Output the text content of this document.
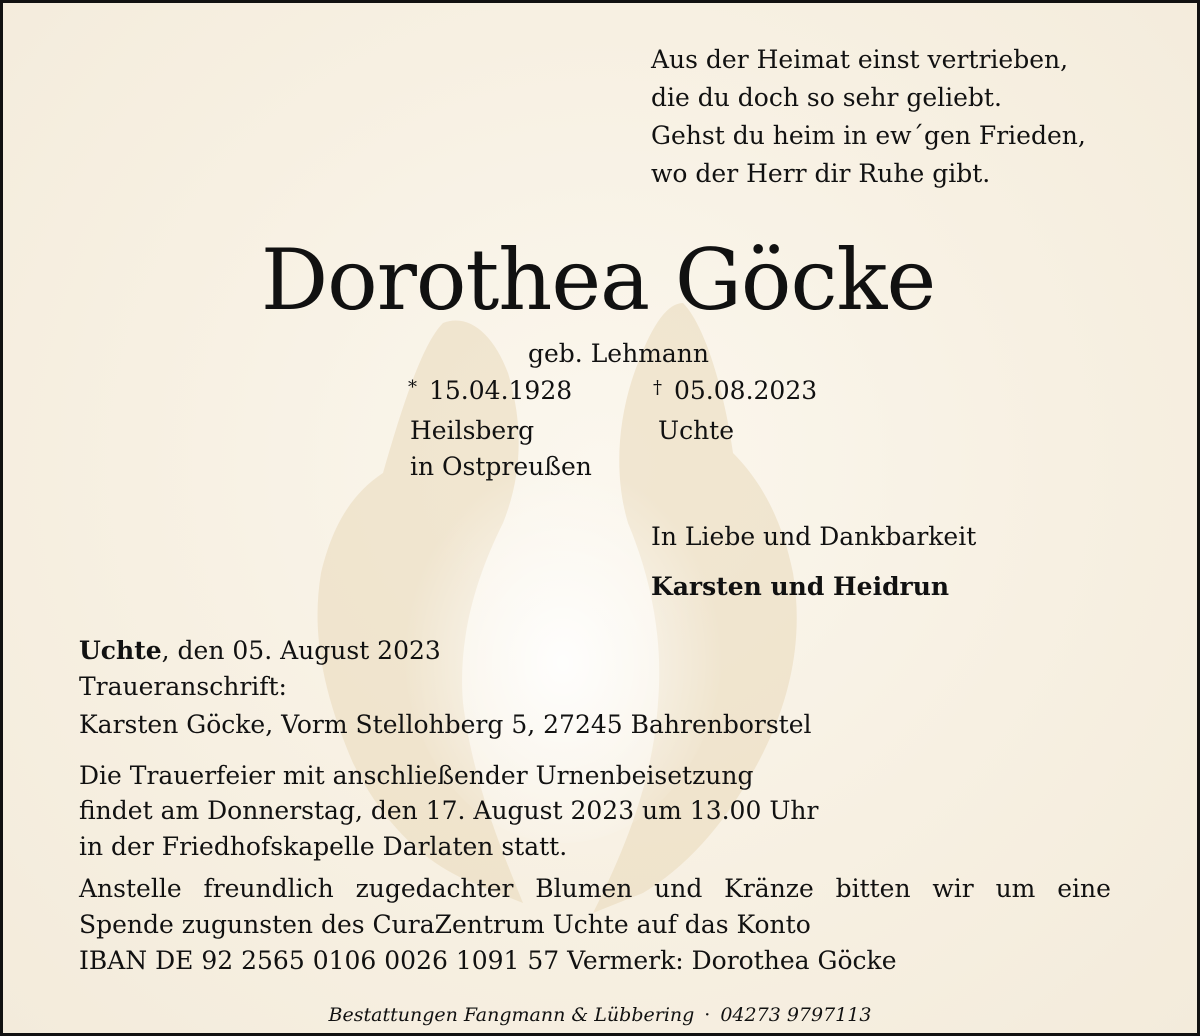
Aus der Heimat einst vertrieben,
die du doch so sehr geliebt.
Gehst du heim in ew´gen Frieden,
wo der Herr dir Ruhe gibt.
Dorothea Göcke
geb. Lehmann
* 15.04.1928	† 05.08.2023
Heilsberg
in Ostpreußen
Uchte
In Liebe und Dankbarkeit
Karsten und Heidrun
Uchte, den 05. August 2023
Traueranschrift:
Karsten Göcke, Vorm Stellohberg 5, 27245 Bahrenborstel
Die Trauerfeier mit anschließender Urnenbeisetzung
findet am Donnerstag, den 17. August 2023 um 13.00 Uhr
in der Friedhofskapelle Darlaten statt.
Anstelle freundlich zugedachter Blumen und Kränze bitten wir um eine
Spende zugunsten des CuraZentrum Uchte auf das Konto
IBAN DE 92 2565 0106 0026 1091 57 Vermerk: Dorothea Göcke
Bestattungen Fangmann & Lübbering · 04273 9797113
